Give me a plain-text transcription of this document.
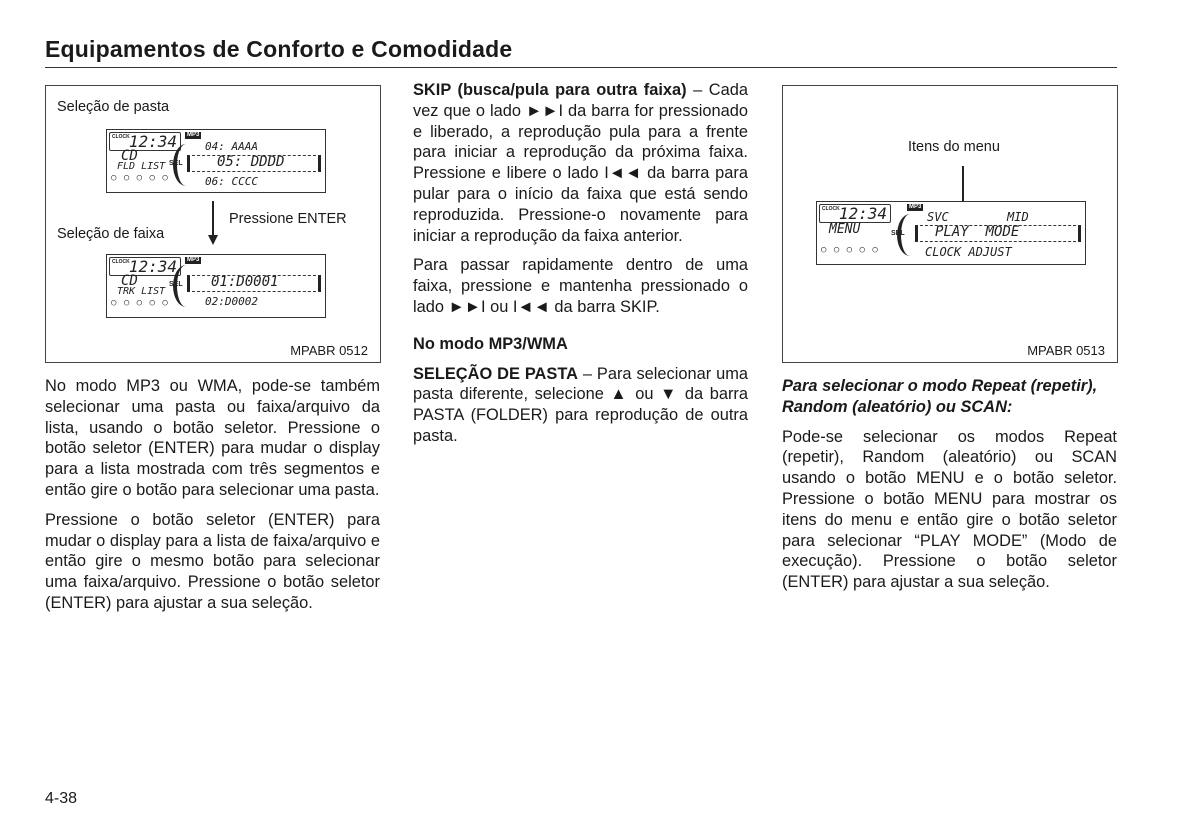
Equipamentos de Conforto e Comodidade
Seleção de pasta
CLOCK 12:34	MP3
CD
FLD LIST
○ ○ ○ ○ ○
SEL
04: AAAA
05: DDDD
06: CCCC
Pressione ENTER
Seleção de faixa
CLOCK 12:34	MP3
CD
TRK LIST
○ ○ ○ ○ ○
SEL 01:D0001
02:D0002
MPABR 0512

No modo MP3 ou WMA, pode-se também selecionar uma pasta ou faixa/arquivo da lista, usando o botão seletor. Pressione o botão seletor (ENTER) para mudar o display para a lista mostrada com três segmentos e então gire o botão para selecionar uma pasta.

Pressione o botão seletor (ENTER) para mudar o display para a lista de faixa/arquivo e então gire o mesmo botão para selecionar uma faixa/arquivo. Pressione o botão seletor (ENTER) para ajustar a sua seleção.

SKIP (busca/pula para outra faixa) – Cada vez que o lado ►►I da barra for pressionado e liberado, a reprodução pula para a frente para iniciar a reprodução da próxima faixa. Pressione e libere o lado I◄◄ da barra para pular para o início da faixa que está sendo reproduzida. Pressione-o novamente para iniciar a reprodução da faixa anterior.

Para passar rapidamente dentro de uma faixa, pressione e mantenha pressionado o lado ►►I ou I◄◄ da barra SKIP.

No modo MP3/WMA

SELEÇÃO DE PASTA – Para selecionar uma pasta diferente, selecione ▲ ou ▼ da barra PASTA (FOLDER) para reprodução de outra pasta.

Itens do menu
CLOCK 12:34	MP3
MENU
○ ○ ○ ○ ○
SEL
SVC	MID
PLAY  MODE
CLOCK ADJUST
MPABR 0513

Para selecionar o modo Repeat (repetir), Random (aleatório) ou SCAN:

Pode-se selecionar os modos Repeat (repetir), Random (aleatório) ou SCAN usando o botão MENU e o botão seletor. Pressione o botão MENU para mostrar os itens do menu e então gire o botão seletor para selecionar “PLAY MODE” (Modo de execução). Pressione o botão seletor (ENTER) para ajustar a sua seleção.

4-38
